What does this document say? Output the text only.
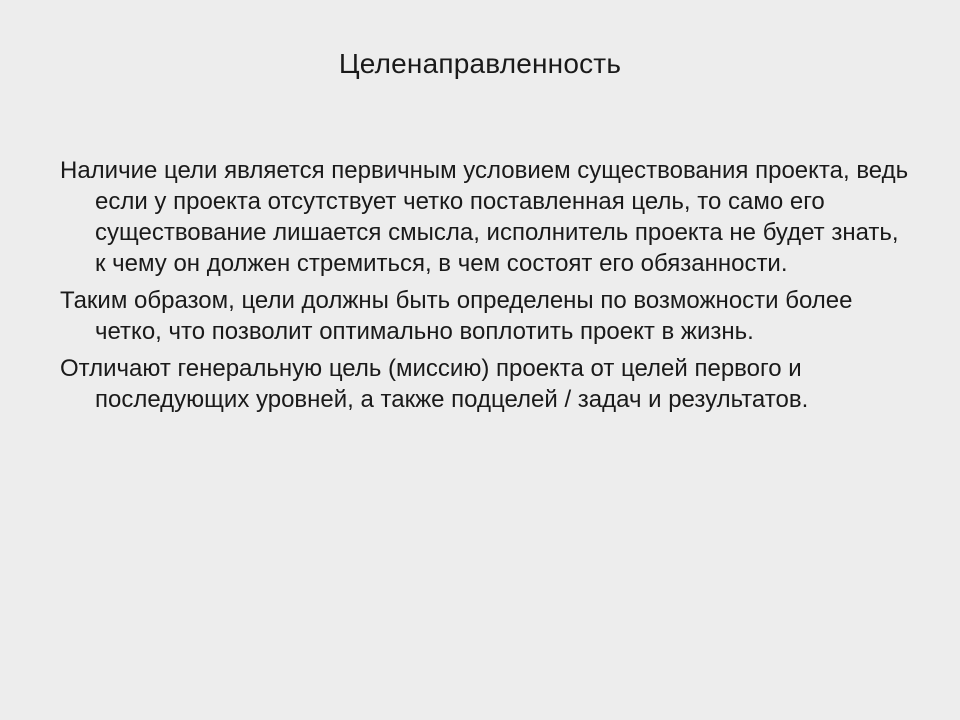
Целенаправленность

Наличие цели является первичным условием существования проекта, ведь если у проекта отсутствует четко поставленная цель, то само его существование лишается смысла, исполнитель проекта не будет знать, к чему он должен стремиться, в чем состоят его обязанности.

Таким образом, цели должны быть определены по возможности более четко, что позволит оптимально воплотить проект в жизнь.

Отличают генеральную цель (миссию) проекта от целей первого и последующих уровней, а также подцелей / задач и результатов.
